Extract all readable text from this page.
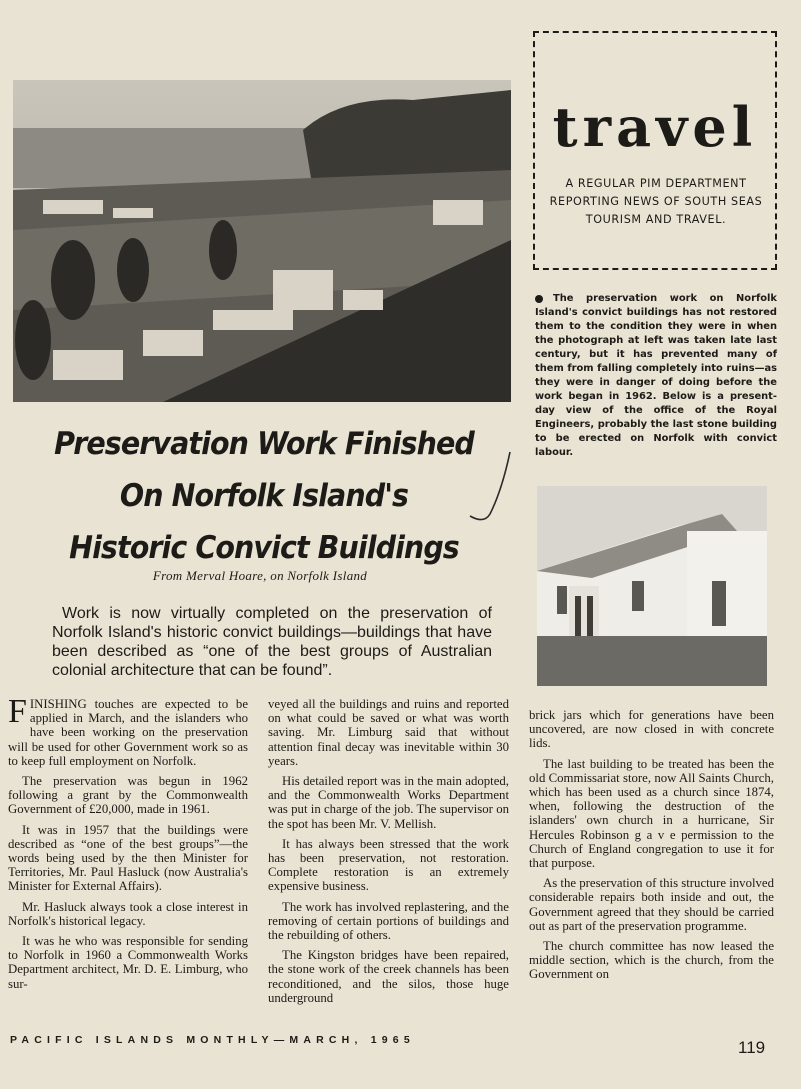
travel
A REGULAR PIM DEPARTMENT REPORTING NEWS OF SOUTH SEAS TOURISM AND TRAVEL.
The preservation work on Norfolk Island's convict buildings has not restored them to the condition they were in when the photograph at left was taken late last century, but it has prevented many of them from falling completely into ruins—as they were in danger of doing before the work began in 1962. Below is a present-day view of the office of the Royal Engineers, probably the last stone building to be erected on Norfolk with convict labour.
Preservation Work Finished
On Norfolk Island's
Historic Convict Buildings
From Merval Hoare, on Norfolk Island
Work is now virtually completed on the preservation of Norfolk Island's historic convict buildings—buildings that have been described as “one of the best groups of Australian colonial architecture that can be found”.

FINISHING touches are expected to be applied in March, and the islanders who have been working on the preservation will be used for other Government work so as to keep full employment on Norfolk.

The preservation was begun in 1962 following a grant by the Commonwealth Government of £20,000, made in 1961.

It was in 1957 that the buildings were described as “one of the best groups”—the words being used by the then Minister for Territories, Mr. Paul Hasluck (now Australia's Minister for External Affairs).

Mr. Hasluck always took a close interest in Norfolk's historical legacy.

It was he who was responsible for sending to Norfolk in 1960 a Commonwealth Works Department architect, Mr. D. E. Limburg, who sur-

veyed all the buildings and ruins and reported on what could be saved or what was worth saving. Mr. Limburg said that without attention final decay was inevitable within 30 years.

His detailed report was in the main adopted, and the Commonwealth Works Department was put in charge of the job. The supervisor on the spot has been Mr. V. Mellish.

It has always been stressed that the work has been preservation, not restoration. Complete restoration is an extremely expensive business.

The work has involved replastering, and the removing of certain portions of buildings and the rebuilding of others.

The Kingston bridges have been repaired, the stone work of the creek channels has been reconditioned, and the silos, those huge underground

brick jars which for generations have been uncovered, are now closed in with concrete lids.

The last building to be treated has been the old Commissariat store, now All Saints Church, which has been used as a church since 1874, when, following the destruction of the islanders' own church in a hurricane, Sir Hercules Robinson g a v e permission to the Church of England congregation to use it for that purpose.

As the preservation of this structure involved considerable repairs both inside and out, the Government agreed that they should be carried out as part of the preservation programme.

The church committee has now leased the middle section, which is the church, from the Government on

PACIFIC ISLANDS MONTHLY—MARCH, 1965	119
